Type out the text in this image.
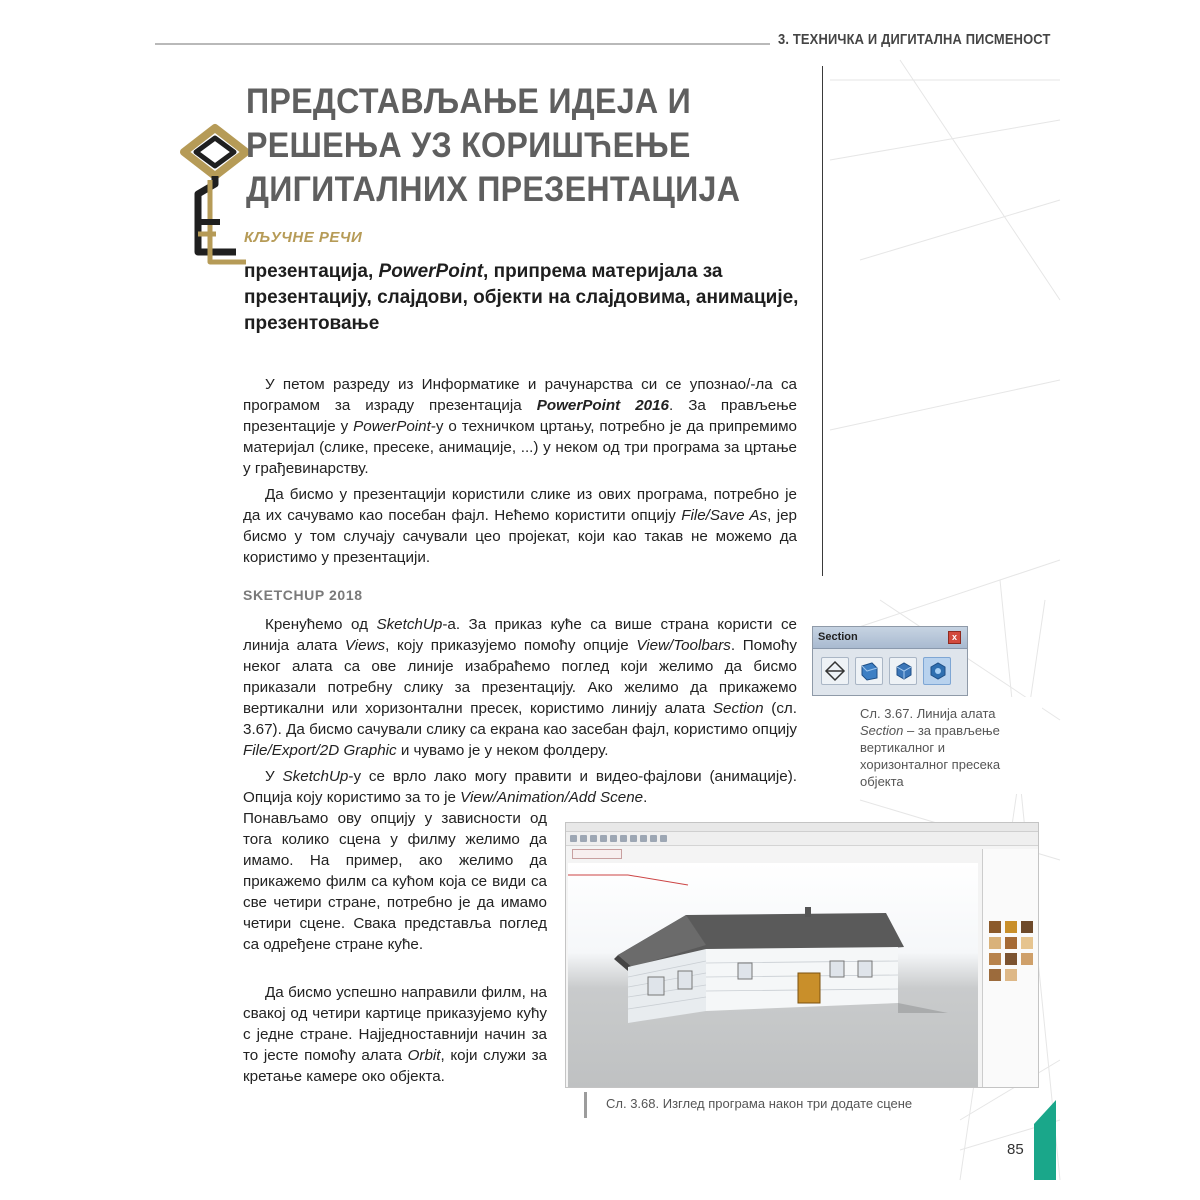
3. ТЕХНИЧКА И ДИГИТАЛНА ПИСМЕНОСТ
ПРЕДСТАВЉАЊЕ ИДЕЈА И
РЕШЕЊА УЗ КОРИШЋЕЊЕ
ДИГИТАЛНИХ ПРЕЗЕНТАЦИЈА
КЉУЧНЕ РЕЧИ
презентација, PowerPoint, припрема материјала за презентацију, слајдови, објекти на слајдовима, анимације, презентовање
У петом разреду из Информатике и рачунарства си се упознао/-ла са програмом за израду презентација PowerPoint 2016. За прављење презентације у PowerPoint-у о техничком цртању, потребно је да припремимо материјал (слике, пресеке, анимације, ...) у неком од три програма за цртање у грађевинарству.
Да бисмо у презентацији користили слике из ових програма, потребно је да их сачувамо као посебан фајл. Нећемо користити опцију File/Save As, јер бисмо у том случају сачували цео пројекат, који као такав не можемо да користимо у презентацији.
SKETCHUP 2018
Кренућемо од SketchUp-а. За приказ куће са више страна користи се линија алата Views, коју приказујемо помоћу опције View/Toolbars. Помоћу неког алата са ове линије изабраћемо поглед који желимо да бисмо приказали потребну слику за презентацију. Ако желимо да прикажемо вертикални или хоризонтални пресек, користимо линију алата Section (сл. 3.67). Да бисмо сачували слику са екрана као засебан фајл, користимо опцију File/Export/2D Graphic и чувамо је у неком фолдеру.
У SketchUp-у се врло лако могу правити и видео-фајлови (анимације). Опција коју користимо за то је View/Animation/Add Scene.
Понављамо ову опцију у зависности од тога колико сцена у филму желимо да имамо. На пример, ако желимо да прикажемо филм са кућом која се види са све четири стране, потребно је да имамо четири сцене. Свака представља поглед са одређене стране куће.
Да бисмо успешно направили филм, на свакој од четири картице приказујемо кућу с једне стране. Најједноставнији начин за то јесте помоћу алата Orbit, који служи за кретање камере око објекта.
Section	x
Сл. 3.67. Линија алата Section – за прављење вертикалног и хоризонталног пресека објекта
Сл. 3.68. Изглед програма након три додате сцене
85
